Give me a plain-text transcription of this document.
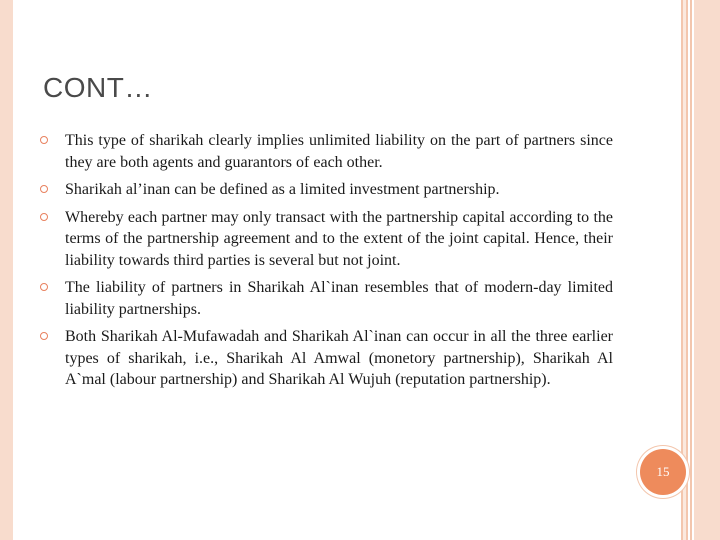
CONT…
This type of sharikah clearly implies unlimited liability on the part of partners since they are both agents and guarantors of each other.
Sharikah al’inan can be defined as a limited investment partnership.
Whereby each partner may only transact with the partnership capital according to the terms of the partnership agreement and to the extent of the joint capital. Hence, their liability towards third parties is several but not joint.
The liability of partners in Sharikah Al`inan resembles that of modern-day limited liability partnerships.
Both Sharikah Al-Mufawadah and Sharikah Al`inan can occur in all the three earlier types of sharikah, i.e., Sharikah Al Amwal (monetory partnership), Sharikah Al A`mal (labour partnership) and Sharikah Al Wujuh (reputation partnership).
15
